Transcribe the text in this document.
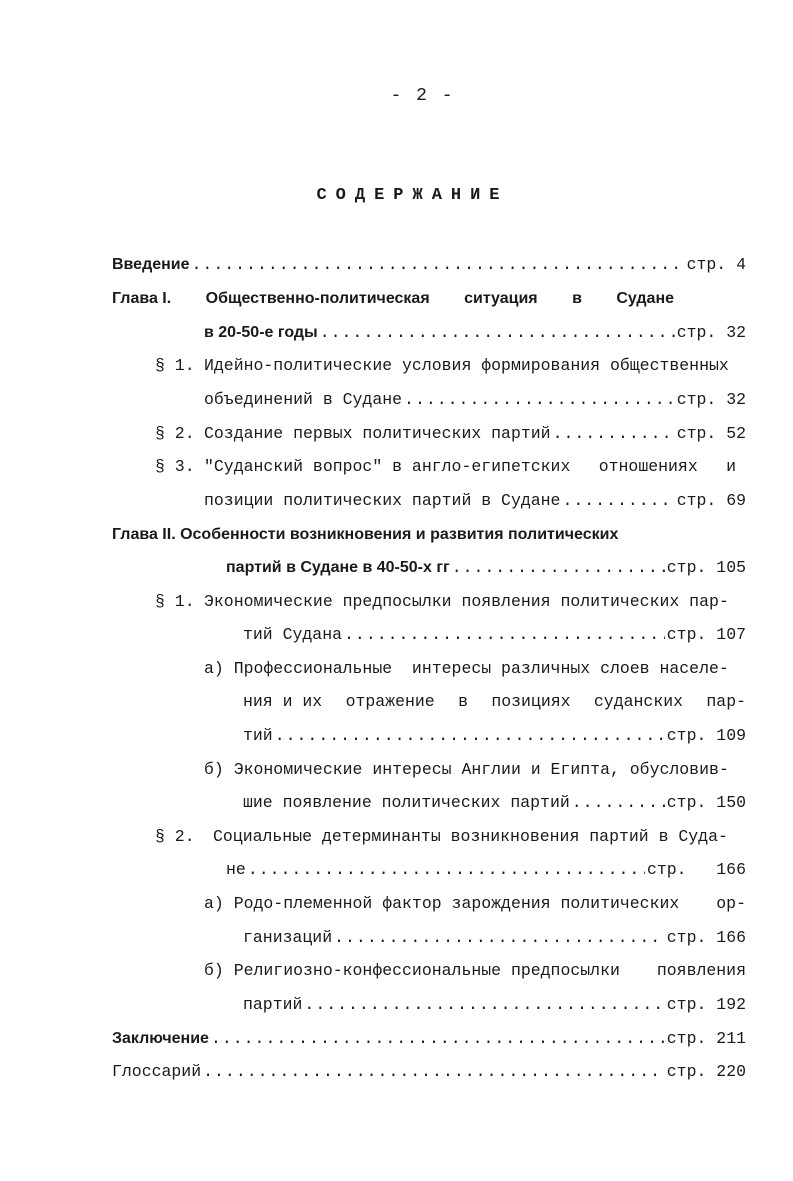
- 2 -
СОДЕРЖАНИЕ
Введение .....	стр. 4
Глава I. Общественно-политическая ситуация в Судане
в 20-50-е годы .....	стр. 32
§ 1. Идейно-политические условия формирования общественных
объединений в Судане .....	стр. 32
§ 2. Создание первых политических партий .....	стр. 52
§ 3. "Суданский вопрос" в англо-египетских отношениях и
позиции политических партий в Судане .....	стр. 69
Глава II. Особенности возникновения и развития политических
партий в Судане в 40-50-х гг .....	стр. 105
§ 1. Экономические предпосылки появления политических пар-
тий Судана .....	стр. 107
а) Профессиональные  интересы различных слоев населе-
ния и их отражение в позициях суданских пар-
тий .....	стр. 109
б) Экономические интересы Англии и Египта, обусловив-
шие появление политических партий .....	стр. 150
§ 2.	Социальные детерминанты возникновения партий в Суда-
не .....	стр.   166
а) Родо-племенной фактор зарождения политических ор-
ганизаций .....	стр. 166
б) Религиозно-конфессиональные предпосылки появления
партий .....	стр. 192
Заключение .....	стр. 211
Глоссарий .....	стр. 220
